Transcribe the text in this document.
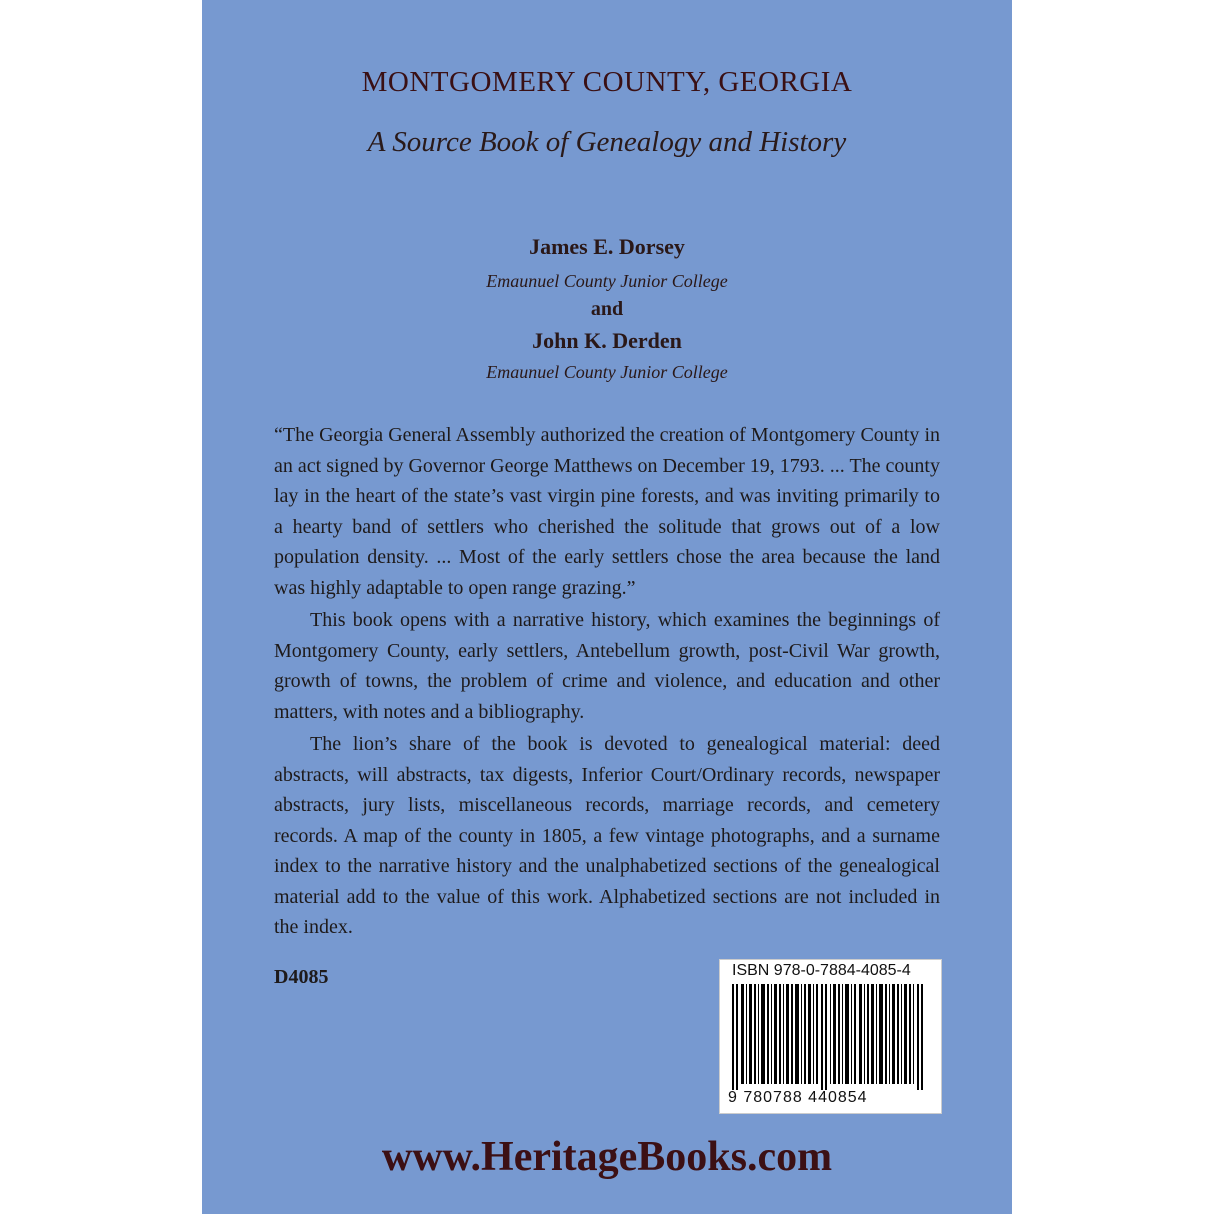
MONTGOMERY COUNTY, GEORGIA
A Source Book of Genealogy and History
James E. Dorsey
Emaunuel County Junior College
and
John K. Derden
Emaunuel County Junior College

“The Georgia General Assembly authorized the creation of Montgomery County in an act signed by Governor George Matthews on December 19, 1793. ... The county lay in the heart of the state’s vast virgin pine forests, and was inviting primarily to a hearty band of settlers who cherished the solitude that grows out of a low population density. ... Most of the early settlers chose the area because the land was highly adaptable to open range grazing.”

This book opens with a narrative history, which examines the beginnings of Montgomery County, early settlers, Antebellum growth, post-Civil War growth, growth of towns, the problem of crime and violence, and education and other matters, with notes and a bibliography.

The lion’s share of the book is devoted to genealogical material: deed abstracts, will abstracts, tax digests, Inferior Court/Ordinary records, newspaper abstracts, jury lists, miscellaneous records, marriage records, and cemetery records. A map of the county in 1805, a few vintage photographs, and a surname index to the narrative history and the unalphabetized sections of the genealogical material add to the value of this work. Alphabetized sections are not included in the index.

D4085	ISBN 978-0-7884-4085-4
9 780788 440854
www.HeritageBooks.com
